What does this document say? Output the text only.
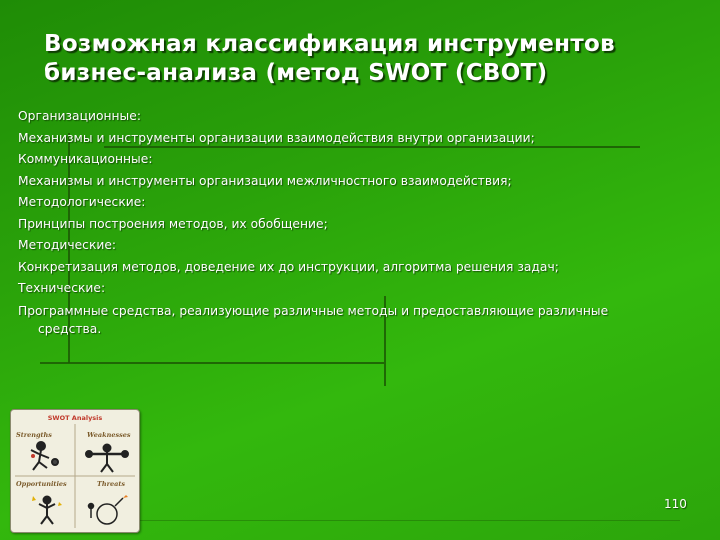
Возможная классификация инструментов
бизнес-анализа (метод SWOT (СВОТ)

Организационные:

Механизмы и инструменты организации взаимодействия внутри организации;

Коммуникационные:

Механизмы и инструменты организации межличностного взаимодействия;

Методологические:

Принципы построения методов, их обобщение;

Методические:

Конкретизация методов, доведение их до инструкции, алгоритма решения задач;

Технические:

Программные средства, реализующие различные методы и предоставляющие различные средства.

SWOT Analysis
Strengths	Weaknesses
Opportunities	Threats
110
